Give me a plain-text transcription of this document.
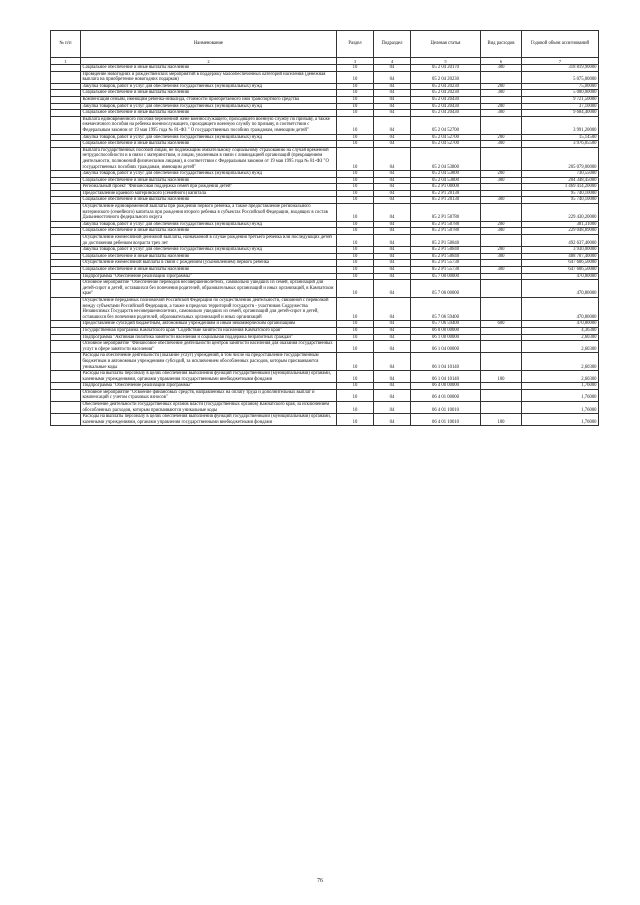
№ п/п	Наименование	Раздел	Подраздел	Целевая статья	Вид расходов	Годовой объем ассигнований
1	2	3	4	5	6	7
	Социальное обеспечение и иные выплаты населению	10	04	05 2 04 20170	300	318 819,90000
	Проведение новогодних и рождественских мероприятий в поддержку малообеспеченных категорий населения (денежная выплата на приобретение новогодних подарков)	10	04	05 2 04 20230		5 075,00000
	Закупка товаров, работ и услуг для обеспечения государственных (муниципальных) нужд	10	04	05 2 04 20230	200	75,00000
	Социальное обеспечение и иные выплаты населению	10	04	05 2 04 20230	300	5 000,00000
	Компенсация семьям, имеющим ребенка-инвалида, стоимости приобретаемого ими транспортного средства	10	04	05 2 04 20430		9 721,50000
	Закупка товаров, работ и услуг для обеспечения государственных (муниципальных) нужд	10	04	05 2 04 20430	200	37,10000
	Социальное обеспечение и иные выплаты населению	10	04	05 2 04 20430	300	9 684,40000
	Выплата единовременного пособия беременной жене военнослужащего, проходящего военную службу по призыву, а также ежемесячного пособия на ребенка военнослужащего, проходящего военную службу по призыву, в соответствии с Федеральным законом от 19 мая 1995 года № 81-ФЗ " О государственных пособиях гражданам, имеющим детей"	10	04	05 2 04 52700		3 991,20000
	Закупка товаров, работ и услуг для обеспечения государственных (муниципальных) нужд	10	04	05 2 04 52700	200	15,14500
	Социальное обеспечение и иные выплаты населению	10	04	05 2 04 52700	300	3 976,05500
	Выплата государственных пособий лицам, не подлежащим обязательному социальному страхованию на случай временной нетрудоспособности и в связи с материнством, и лицам, уволенным в связи с ликвидацией организаций (прекращением деятельности, полномочий физическими лицами), в соответствии с Федеральным законом от 19 мая 1995 года № 81-ФЗ "О государственных пособиях гражданам, имеющим детей"	10	04	05 2 04 53800		205 079,00000
	Закупка товаров, работ и услуг для обеспечения государственных (муниципальных) нужд	10	04	05 2 04 53800	200	730,55000
	Социальное обеспечение и иные выплаты населению	10	04	05 2 04 53800	300	204 348,45000
	Региональный проект "Финансовая поддержка семей при рождении детей"	10	04	05 2 P1 00000		1 469 414,20000
	Предоставление краевого материнского (семейного) капитала	10	04	05 2 P1 20130		95 740,10000
	Социальное обеспечение и иные выплаты населению	10	04	05 2 P1 20130	300	95 740,10000
	Осуществление единовременной выплаты при рождении первого ребенка, а также предоставление регионального материнского (семейного) капитала при рождении второго ребенка в субъектах Российской Федерации, входящих в состав Дальневосточного федерального округа	10	04	05 2 P1 50780		229 430,20000
	Закупка товаров, работ и услуг для обеспечения государственных (муниципальных) нужд	10	04	05 2 P1 50780	200	381,31000
	Социальное обеспечение и иные выплаты населению	10	04	05 2 P1 50780	300	229 048,89000
	Осуществление ежемесячной денежной выплаты, назначаемой в случае рождения третьего ребенка или последующих детей до достижения ребенком возраста трех лет	10	04	05 2 P1 50840		492 637,40000
	Закупка товаров, работ и услуг для обеспечения государственных (муниципальных) нужд	10	04	05 2 P1 50840	200	3 930,00000
	Социальное обеспечение и иные выплаты населению	10	04	05 2 P1 50840	300	488 707,40000
	Осуществление ежемесячной выплаты в связи с рождением (усыновлением) первого ребенка	10	04	05 2 P1 55730		647 606,50000
	Социальное обеспечение и иные выплаты населению	10	04	05 2 P1 55730	300	647 606,50000
	Подпрограмма "Обеспечение реализации Программы"	10	04	05 7 00 00000		470,80000
	Основное мероприятие "Обеспечение переводов несовершеннолетних, самовольно ушедших из семей, организаций для детей-сирот и детей, оставшихся без попечения родителей, образовательных организаций и иных организаций, в Камчатском крае"	10	04	05 7 06 00000		470,80000
	Осуществление переданных полномочий Российской Федерации по осуществлению деятельности, связанной с перевозкой между субъектами Российской Федерации, а также в пределах территорий государств - участников Содружества Независимых Государств несовершеннолетних, самовольно ушедших из семей, организаций для детей-сирот и детей, оставшихся без попечения родителей, образовательных организаций и иных организаций	10	04	05 7 06 59400		470,80000
	Предоставление субсидий бюджетным, автономным учреждениям и иным некоммерческим организациям	10	04	05 7 06 59400	600	470,80000
	Государственная программа Камчатского края "Содействие занятости населения Камчатского края"	10	04	06 0 00 00000		4,36300
	Подпрограмма "Активная политика занятости населения и социальная поддержка безработных граждан"	10	04	06 1 00 00000		2,60300
	Основное мероприятие "Финансовое обеспечение деятельности центров занятости населения для оказания государственных услуг в сфере занятости населения"	10	04	06 1 04 00000		2,60300
	Расходы на обеспечение деятельности (оказание услуг) учреждений, в том числе на предоставление государственным бюджетным и автономным учреждениям субсидий, за исключением обособленных расходов, которым присваиваются уникальные коды	10	04	06 1 04 10140		2,60300
	Расходы на выплаты персоналу в целях обеспечения выполнения функций государственными (муниципальными) органами, казенными учреждениями, органами управления государственными внебюджетными фондами	10	04	06 1 04 10140	100	2,60300
	Подпрограмма "Обеспечение реализации Программы"	10	04	06 4 00 00000		1,76000
	Основное мероприятие "Освоение финансовых средств, направленных на оплату труда и дополнительных выплат и компенсаций с учетом страховых взносов"	10	04	06 4 01 00000		1,76000
	Обеспечение деятельности государственных органов власти (государственных органов) Камчатского края, за исключением обособленных расходов, которым присваиваются уникальные коды	10	04	06 4 01 10010		1,76000
	Расходы на выплаты персоналу в целях обеспечения выполнения функций государственными (муниципальными) органами, казенными учреждениями, органами управления государственными внебюджетными фондами	10	04	06 4 01 10010	100	1,76000
76
